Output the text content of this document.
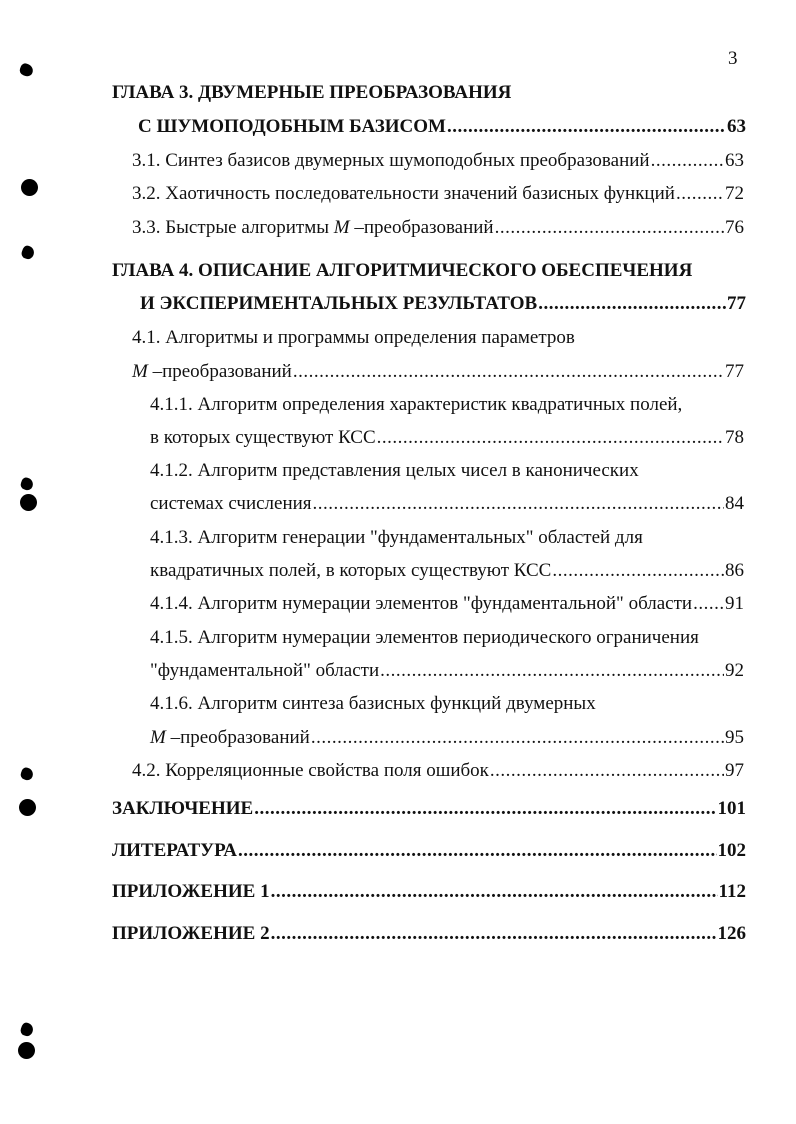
3
ГЛАВА 3. ДВУМЕРНЫЕ ПРЕОБРАЗОВАНИЯ
С ШУМОПОДОБНЫМ БАЗИСОМ .....	63
3.1. Синтез базисов двумерных шумоподобных преобразований .....	63
3.2. Хаотичность последовательности значений базисных функций .....	72
3.3. Быстрые алгоритмы М –преобразований .....	76
ГЛАВА 4. ОПИСАНИЕ АЛГОРИТМИЧЕСКОГО ОБЕСПЕЧЕНИЯ
И ЭКСПЕРИМЕНТАЛЬНЫХ РЕЗУЛЬТАТОВ .....	77
4.1. Алгоритмы и программы определения параметров
М –преобразований .....	77
4.1.1. Алгоритм определения характеристик квадратичных полей,
в которых существуют КСС .....	78
4.1.2. Алгоритм представления целых чисел в канонических
системах счисления .....	84
4.1.3. Алгоритм генерации "фундаментальных" областей для
квадратичных полей, в которых существуют КСС .....	86
4.1.4. Алгоритм нумерации элементов "фундаментальной" области ..... 91
4.1.5. Алгоритм нумерации элементов периодического ограничения
"фундаментальной" области .....	92
4.1.6. Алгоритм синтеза базисных функций двумерных
М –преобразований .....	95
4.2. Корреляционные свойства поля ошибок .....	97
ЗАКЛЮЧЕНИЕ .....	101
ЛИТЕРАТУРА .....	102
ПРИЛОЖЕНИЕ 1 .....	112
ПРИЛОЖЕНИЕ 2 .....	126
